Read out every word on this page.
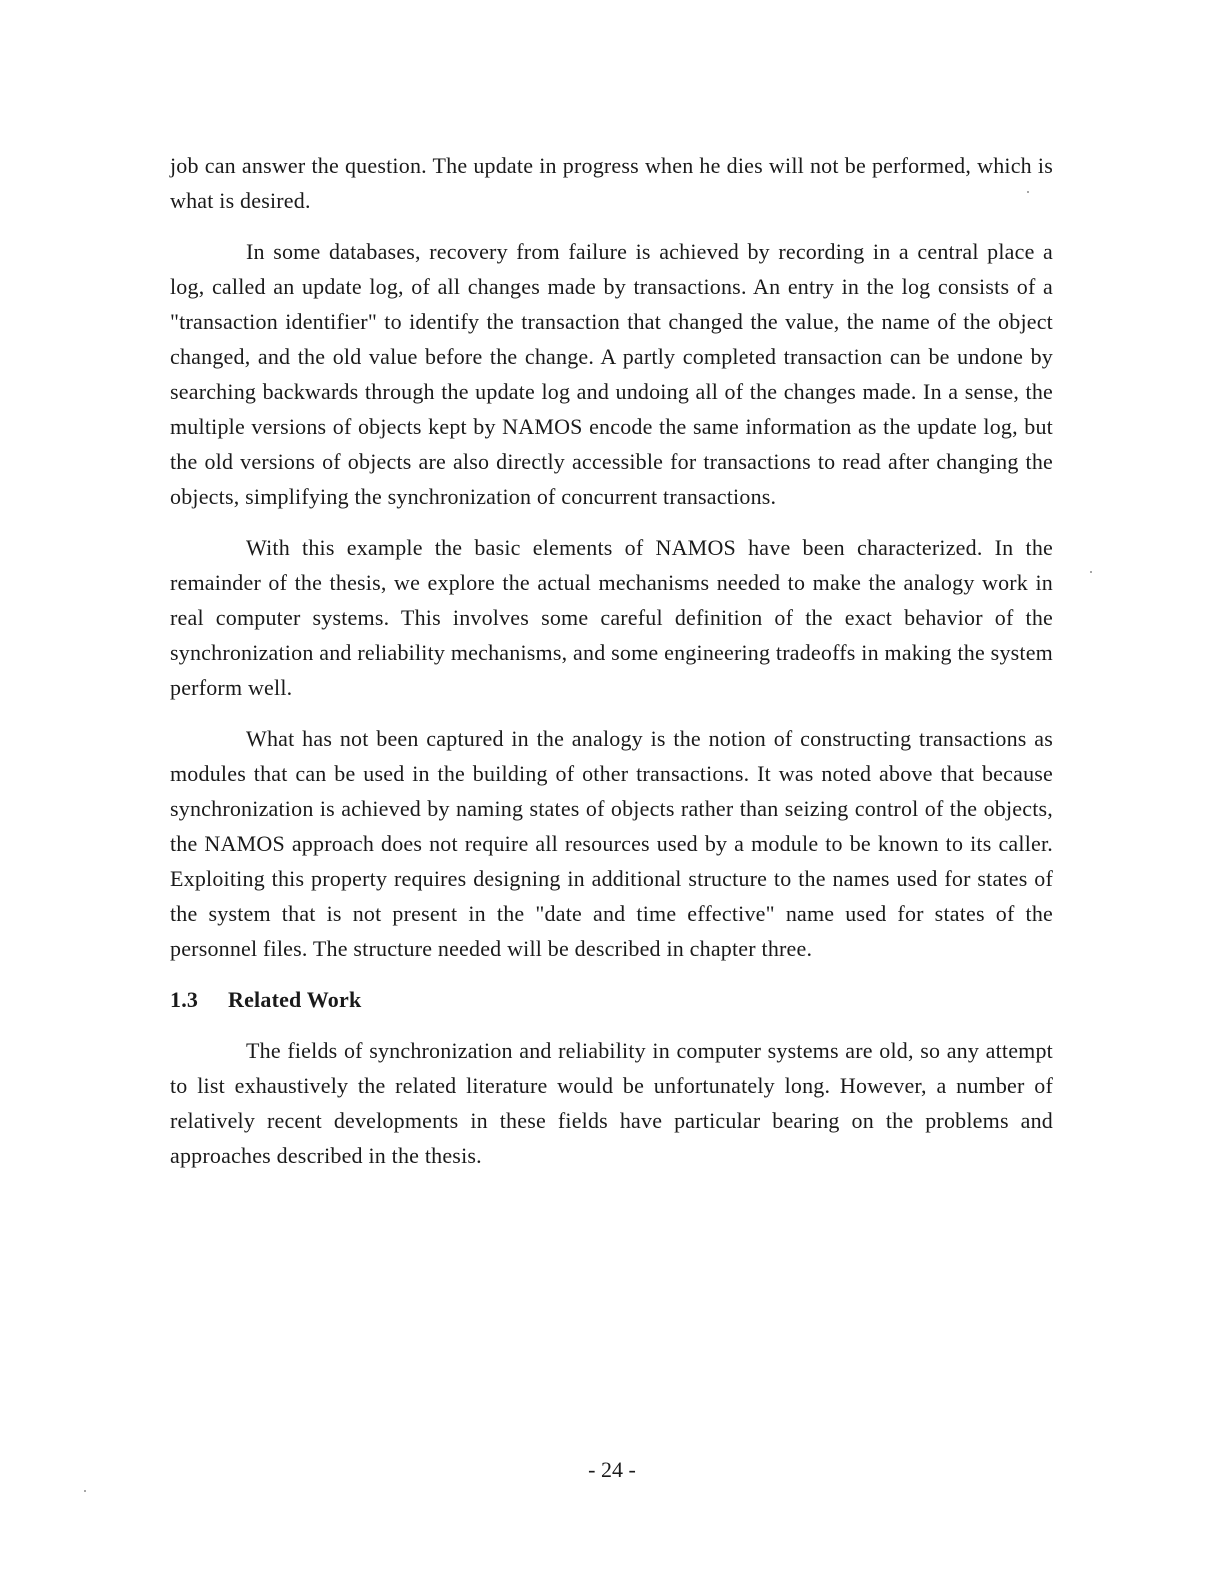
job can answer the question. The update in progress when he dies will not be performed, which is what is desired.

In some databases, recovery from failure is achieved by recording in a central place a log, called an update log, of all changes made by transactions. An entry in the log consists of a "transaction identifier" to identify the transaction that changed the value, the name of the object changed, and the old value before the change. A partly completed transaction can be undone by searching backwards through the update log and undoing all of the changes made. In a sense, the multiple versions of objects kept by NAMOS encode the same information as the update log, but the old versions of objects are also directly accessible for transactions to read after changing the objects, simplifying the synchronization of concurrent transactions.

With this example the basic elements of NAMOS have been characterized. In the remainder of the thesis, we explore the actual mechanisms needed to make the analogy work in real computer systems. This involves some careful definition of the exact behavior of the synchronization and reliability mechanisms, and some engineering tradeoffs in making the system perform well.

What has not been captured in the analogy is the notion of constructing transactions as modules that can be used in the building of other transactions. It was noted above that because synchronization is achieved by naming states of objects rather than seizing control of the objects, the NAMOS approach does not require all resources used by a module to be known to its caller. Exploiting this property requires designing in additional structure to the names used for states of the system that is not present in the "date and time effective" name used for states of the personnel files. The structure needed will be described in chapter three.

1.3 Related Work

The fields of synchronization and reliability in computer systems are old, so any attempt to list exhaustively the related literature would be unfortunately long. However, a number of relatively recent developments in these fields have particular bearing on the problems and approaches described in the thesis.

- 24 -
